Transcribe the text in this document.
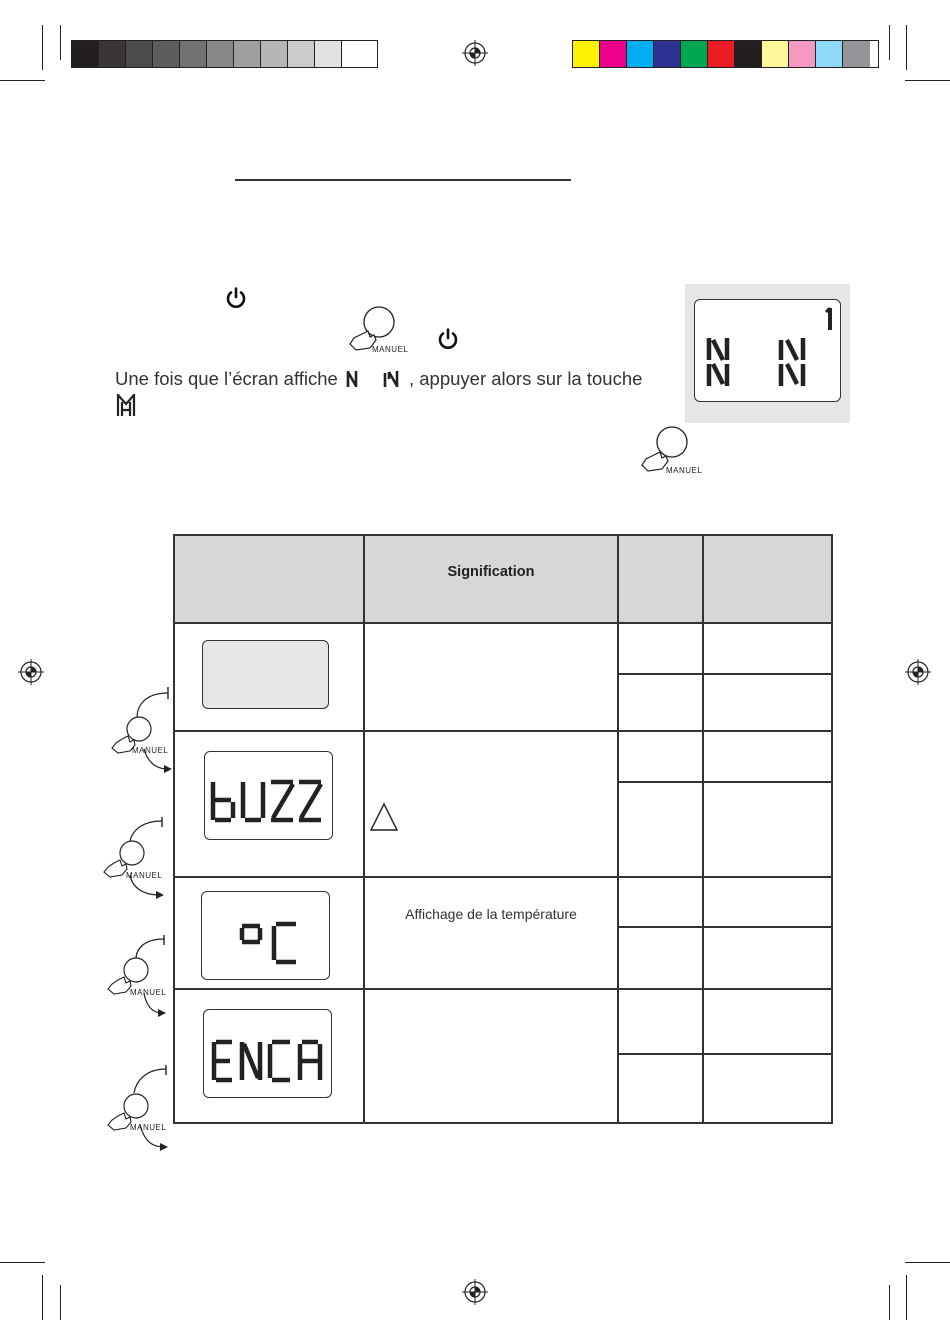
MANUEL
Une fois que l’écran affiche	, appuyer alors sur la touche
MANUEL
Signification
Affichage de la température
MANUEL
MANUEL
MANUEL
MANUEL
